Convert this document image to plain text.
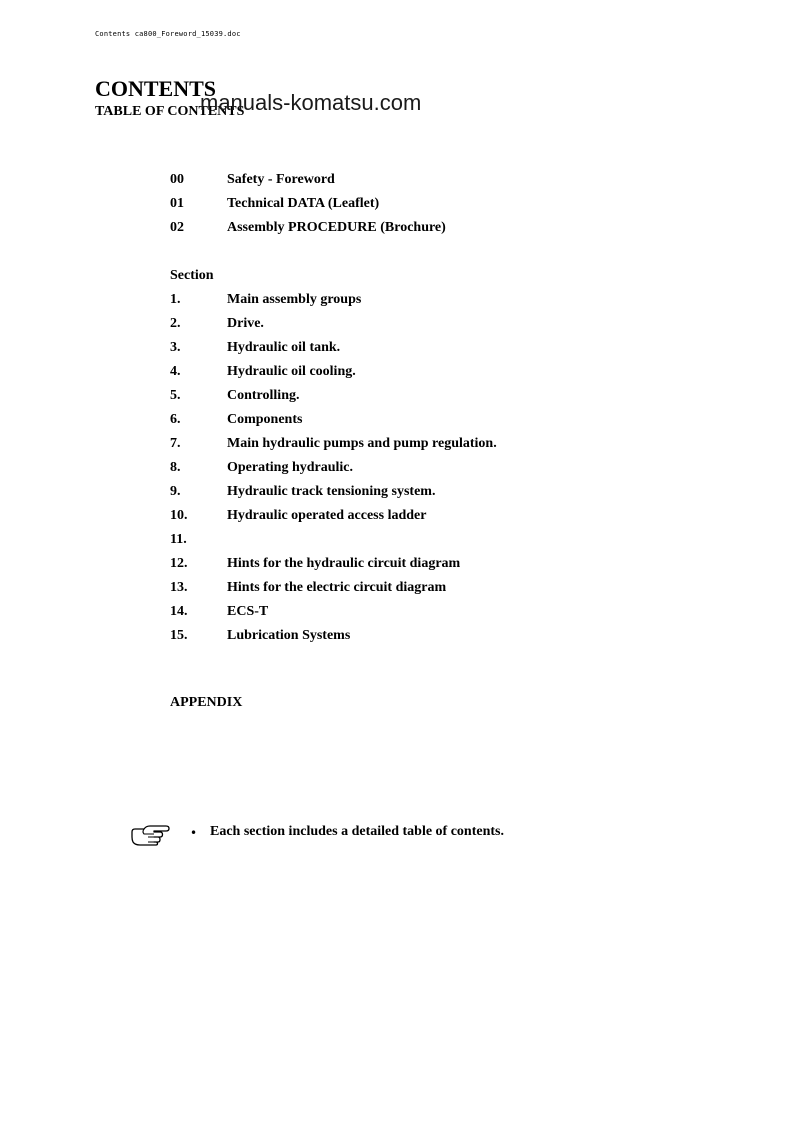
Contents ca800_Foreword_15039.doc
CONTENTS
TABLE OF CONTENTS
manuals-komatsu.com
00	Safety - Foreword
01	Technical DATA (Leaflet)
02	Assembly PROCEDURE (Brochure)
Section
1.	Main assembly groups
2.	Drive.
3.	Hydraulic oil tank.
4.	Hydraulic oil cooling.
5.	Controlling.
6.	Components
7.	Main hydraulic pumps and pump regulation.
8.	Operating hydraulic.
9.	Hydraulic track tensioning system.
10.	Hydraulic operated access ladder
11.
12.	Hints for the hydraulic circuit diagram
13.	Hints for the electric circuit diagram
14.	ECS-T
15.	Lubrication Systems
APPENDIX
• Each section includes a detailed table of contents.
